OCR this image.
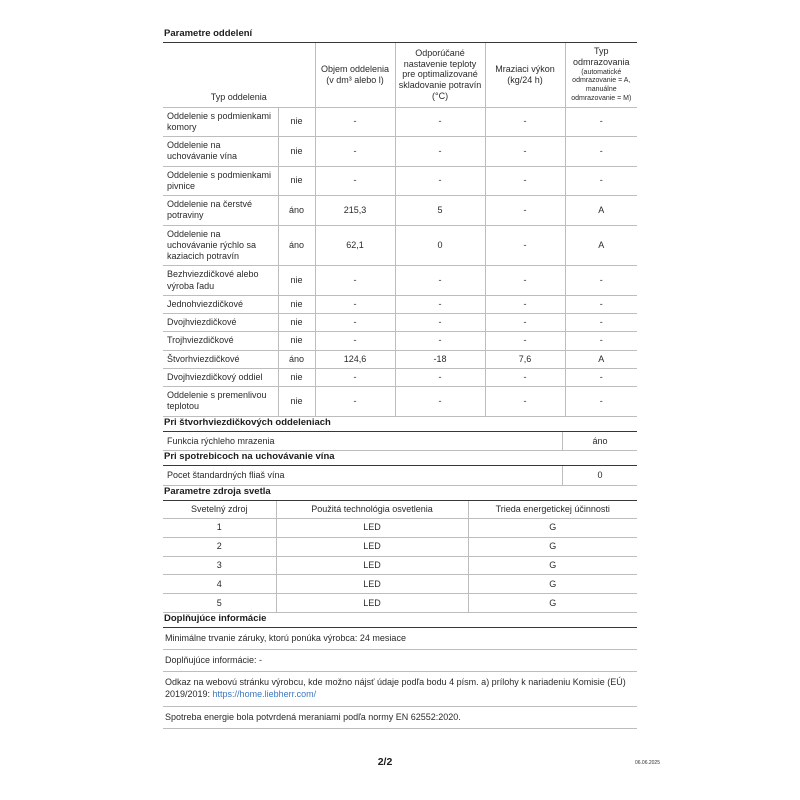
Parametre oddelení
Typ oddelenia		Objem oddelenia (v dm³ alebo l)	Odporúčané nastavenie teploty pre optimalizované skladovanie potravín (°C)	Mraziaci výkon (kg/24 h)	Typ odmrazovania
(automatické odmrazovanie = A, manuálne odmrazovanie = M)

Oddelenie s podmienkami komory	nie	-	-	-	-
Oddelenie na uchovávanie vína	nie	-	-	-	-
Oddelenie s podmienkami pivnice	nie	-	-	-	-
Oddelenie na čerstvé potraviny	áno	215,3	5	-	A
Oddelenie na uchovávanie rýchlo sa kaziacich potravín	áno	62,1	0	-	A
Bezhviezdičkové alebo výroba ľadu	nie	-	-	-	-
Jednohviezdičkové	nie	-	-	-	-
Dvojhviezdičkové	nie	-	-	-	-
Trojhviezdičkové	nie	-	-	-	-
Štvorhviezdičkové	áno	124,6	-18	7,6	A
Dvojhviezdičkový oddiel	nie	-	-	-	-
Oddelenie s premenlivou teplotou	nie	-	-	-	-
Pri štvorhviezdičkových oddeleniach
Funkcia rýchleho mrazenia	áno
Pri spotrebicoch na uchovávanie vína
Pocet štandardných fliaš vína	0
Parametre zdroja svetla
Svetelný zdroj	Použitá technológia osvetlenia	Trieda energetickej účinnosti
1	LED	G
2	LED	G
3	LED	G
4	LED	G
5	LED	G
Doplňujúce informácie
Minimálne trvanie záruky, ktorú ponúka výrobca: 24 mesiace
Doplňujúce informácie: -
Odkaz na webovú stránku výrobcu, kde možno nájsť údaje podľa bodu 4 písm. a) prílohy k nariadeniu Komisie (EÚ) 2019/2019: https://home.liebherr.com/
Spotreba energie bola potvrdená meraniami podľa normy EN 62552:2020.
2/2	06.06.2025
